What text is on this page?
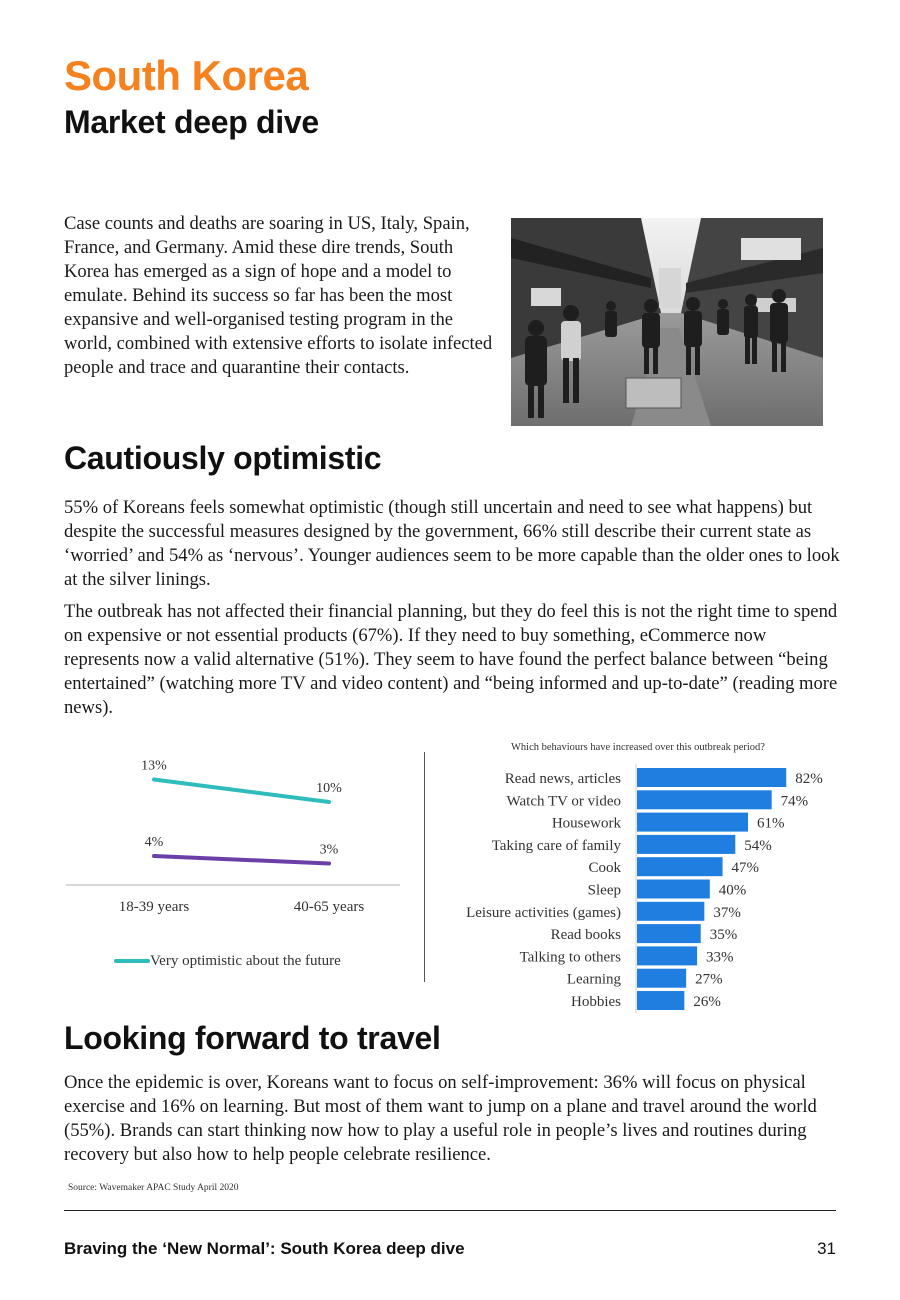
South Korea
Market deep dive
Case counts and deaths are soaring in US, Italy, Spain, France, and Germany. Amid these dire trends, South Korea has emerged as a sign of hope and a model to emulate. Behind its success so far has been the most expansive and well-organised testing program in the world, combined with extensive efforts to isolate infected people and trace and quarantine their contacts.
Cautiously optimistic
55% of Koreans feels somewhat optimistic (though still uncertain and need to see what happens) but despite the successful measures designed by the government, 66% still describe their current state as ‘worried’ and 54% as ‘nervous’. Younger audiences seem to be more capable than the older ones to look at the silver linings.
The outbreak has not affected their financial planning, but they do feel this is not the right time to spend on expensive or not essential products (67%). If they need to buy something, eCommerce now represents now a valid alternative (51%). They seem to have found the perfect balance between “being entertained” (watching more TV and video content) and “being informed and up-to-date” (reading more news).
13%
10%
4%	3%
18-39 years	40-65 years
Very optimistic about the future
Which behaviours have increased over this outbreak period?
Read news, articles	82%
Watch TV or video	74%
Housework	61%
Taking care of family	54%
Cook	47%
Sleep	40%
Leisure activities (games)	37%
Read books	35%
Talking to others	33%
Learning	27%
Hobbies	26%
Looking forward to travel
Once the epidemic is over, Koreans want to focus on self-improvement: 36% will focus on physical exercise and 16% on learning. But most of them want to jump on a plane and travel around the world (55%). Brands can start thinking now how to play a useful role in people’s lives and routines during recovery but also how to help people celebrate resilience.
Source: Wavemaker APAC Study April 2020
Braving the ‘New Normal’: South Korea deep dive	31
